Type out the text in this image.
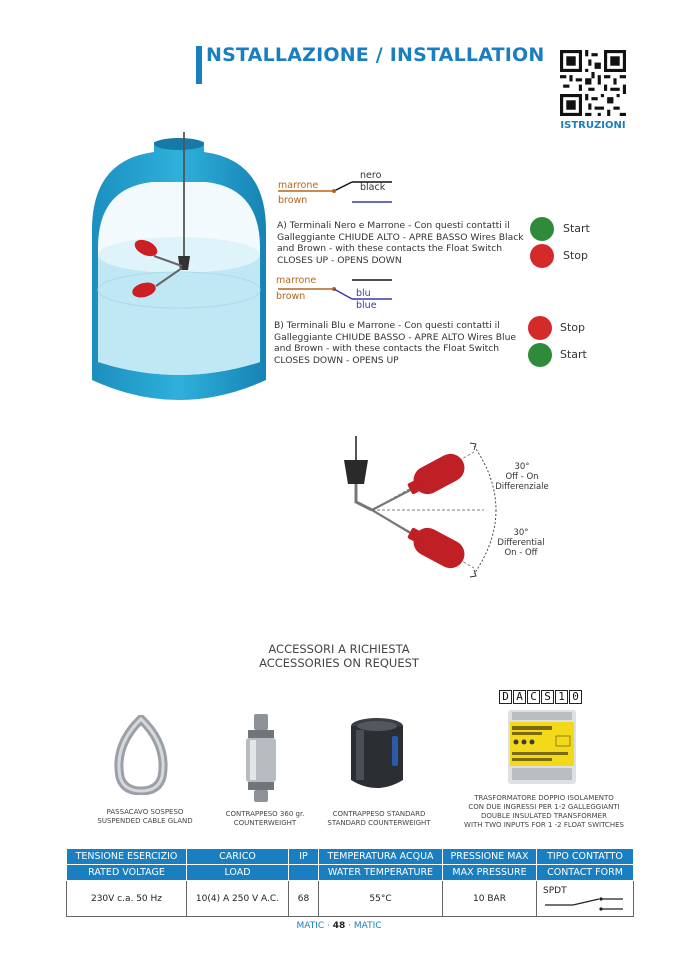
NSTALLAZIONE / INSTALLATION
ISTRUZIONI
nero
black
marrone
brown
A) Terminali Nero e Marrone - Con questi contatti il Galleggiante CHIUDE ALTO - APRE BASSO Wires Black and Brown - with these contacts the Float Switch CLOSES UP - OPENS DOWN
Start
Stop
marrone
brown	blu
blue
B) Terminali Blu e Marrone - Con questi contatti il Galleggiante CHIUDE BASSO - APRE ALTO Wires Blue and Brown - with these contacts the Float Switch CLOSES DOWN - OPENS UP
Stop
Start
30°
Off - On
Differenziale
30°
Differential
On - Off
ACCESSORI A RICHIESTA
ACCESSORIES ON REQUEST
PASSACAVO SOSPESO
SUSPENDED CABLE GLAND
CONTRAPPESO 360 gr.
COUNTERWEIGHT
CONTRAPPESO STANDARD
STANDARD COUNTERWEIGHT
D A C S 1 0
TRASFORMATORE DOPPIO ISOLAMENTO
CON DUE INGRESSI PER 1-2 GALLEGGIANTI
DOUBLE INSULATED TRANSFORMER
WITH TWO INPUTS FOR 1 -2 FLOAT SWITCHES
TENSIONE ESERCIZIO	CARICO	IP	TEMPERATURA ACQUA	PRESSIONE MAX	TIPO CONTATTO
RATED VOLTAGE	LOAD		WATER TEMPERATURE	MAX PRESSURE	CONTACT FORM
230V c.a. 50 Hz	10(4) A 250 V A.C.	68	55°C	10 BAR	SPDT
MATIC · 48 · MATIC
